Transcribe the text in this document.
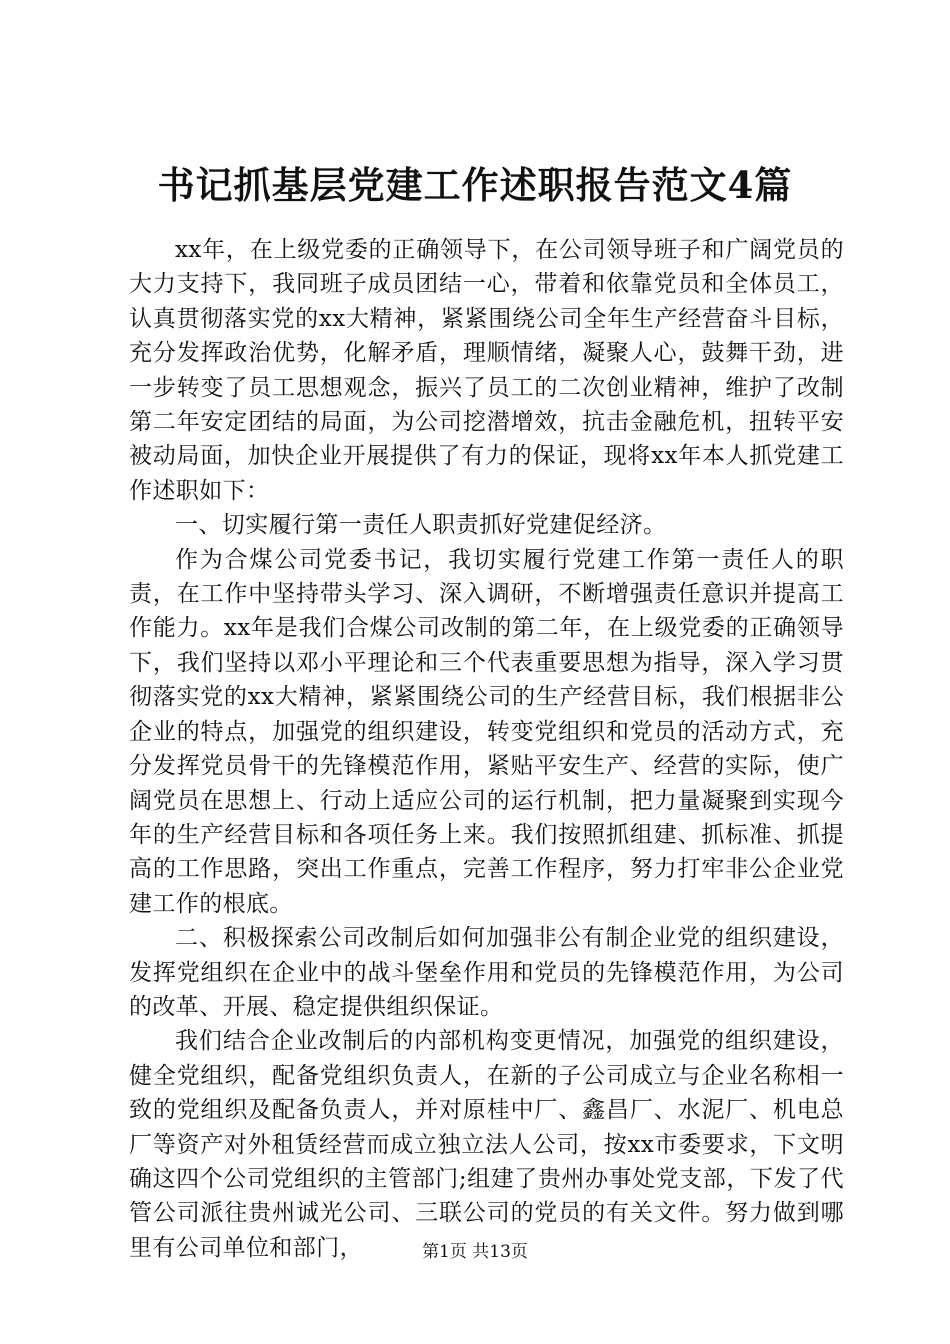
书记抓基层党建工作述职报告范文4篇

xx年，在上级党委的正确领导下，在公司领导班子和广阔党员的大力支持下，我同班子成员团结一心，带着和依靠党员和全体员工，认真贯彻落实党的xx大精神，紧紧围绕公司全年生产经营奋斗目标，充分发挥政治优势，化解矛盾，理顺情绪，凝聚人心，鼓舞干劲，进一步转变了员工思想观念，振兴了员工的二次创业精神，维护了改制第二年安定团结的局面，为公司挖潜增效，抗击金融危机，扭转平安被动局面，加快企业开展提供了有力的保证，现将xx年本人抓党建工作述职如下：

一、切实履行第一责任人职责抓好党建促经济。

作为合煤公司党委书记，我切实履行党建工作第一责任人的职责，在工作中坚持带头学习、深入调研，不断增强责任意识并提高工作能力。xx年是我们合煤公司改制的第二年，在上级党委的正确领导下，我们坚持以邓小平理论和三个代表重要思想为指导，深入学习贯彻落实党的xx大精神，紧紧围绕公司的生产经营目标，我们根据非公企业的特点，加强党的组织建设，转变党组织和党员的活动方式，充分发挥党员骨干的先锋模范作用，紧贴平安生产、经营的实际，使广阔党员在思想上、行动上适应公司的运行机制，把力量凝聚到实现今年的生产经营目标和各项任务上来。我们按照抓组建、抓标准、抓提高的工作思路，突出工作重点，完善工作程序，努力打牢非公企业党建工作的根底。

二、积极探索公司改制后如何加强非公有制企业党的组织建设，发挥党组织在企业中的战斗堡垒作用和党员的先锋模范作用，为公司的改革、开展、稳定提供组织保证。

我们结合企业改制后的内部机构变更情况，加强党的组织建设，健全党组织，配备党组织负责人，在新的子公司成立与企业名称相一致的党组织及配备负责人，并对原桂中厂、鑫昌厂、水泥厂、机电总厂等资产对外租赁经营而成立独立法人公司，按xx市委要求，下文明确这四个公司党组织的主管部门;组建了贵州办事处党支部，下发了代管公司派往贵州诚光公司、三联公司的党员的有关文件。努力做到哪里有公司单位和部门，	第1页 共13页
